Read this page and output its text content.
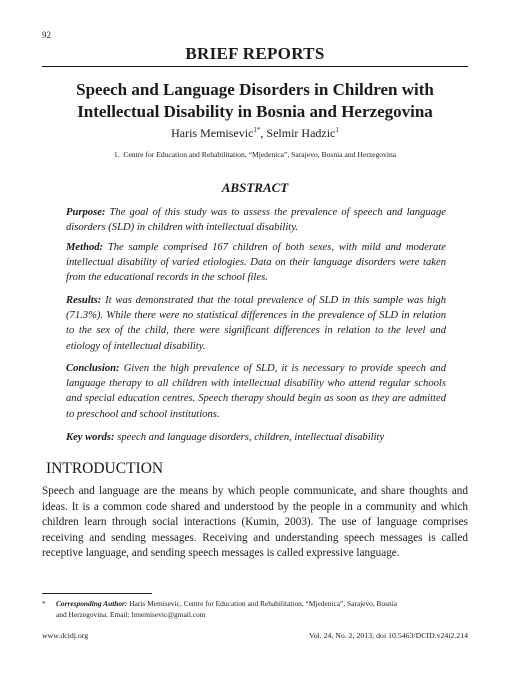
92
BRIEF REPORTS
Speech and Language Disorders in Children with
Intellectual Disability in Bosnia and Herzegovina
Haris Memisevic$^{1*}$, Selmir Hadzic$^1$
1. Centre for Education and Rehabilitation, “Mjedenica”, Sarajevo, Bosnia and Herzegovina
ABSTRACT
Purpose: The goal of this study was to assess the prevalence of speech and language disorders (SLD) in children with intellectual disability.
Method: The sample comprised 167 children of both sexes, with mild and moderate intellectual disability of varied etiologies. Data on their language disorders were taken from the educational records in the school files.
Results: It was demonstrated that the total prevalence of SLD in this sample was high (71.3%). While there were no statistical differences in the prevalence of SLD in relation to the sex of the child, there were significant differences in relation to the level and etiology of intellectual disability.
Conclusion: Given the high prevalence of SLD, it is necessary to provide speech and language therapy to all children with intellectual disability who attend regular schools and special education centres. Speech therapy should begin as soon as they are admitted to preschool and school institutions.
Key words: speech and language disorders, children, intellectual disability
INTRODUCTION
Speech and language are the means by which people communicate, and share thoughts and ideas. It is a common code shared and understood by the people in a community and which children learn through social interactions (Kumin, 2003). The use of language comprises receiving and sending messages. Receiving and understanding speech messages is called receptive language, and sending speech messages is called expressive language.
* Corresponding Author: Haris Memisevic, Centre for Education and Rehabilitation, “Mjedenica”, Sarajevo, Bosnia
and Herzegovina. Email: hmemisevic@gmail.com
www.dcidj.org	Vol. 24, No. 2, 2013; doi 10.5463/DCID.v24i2.214
